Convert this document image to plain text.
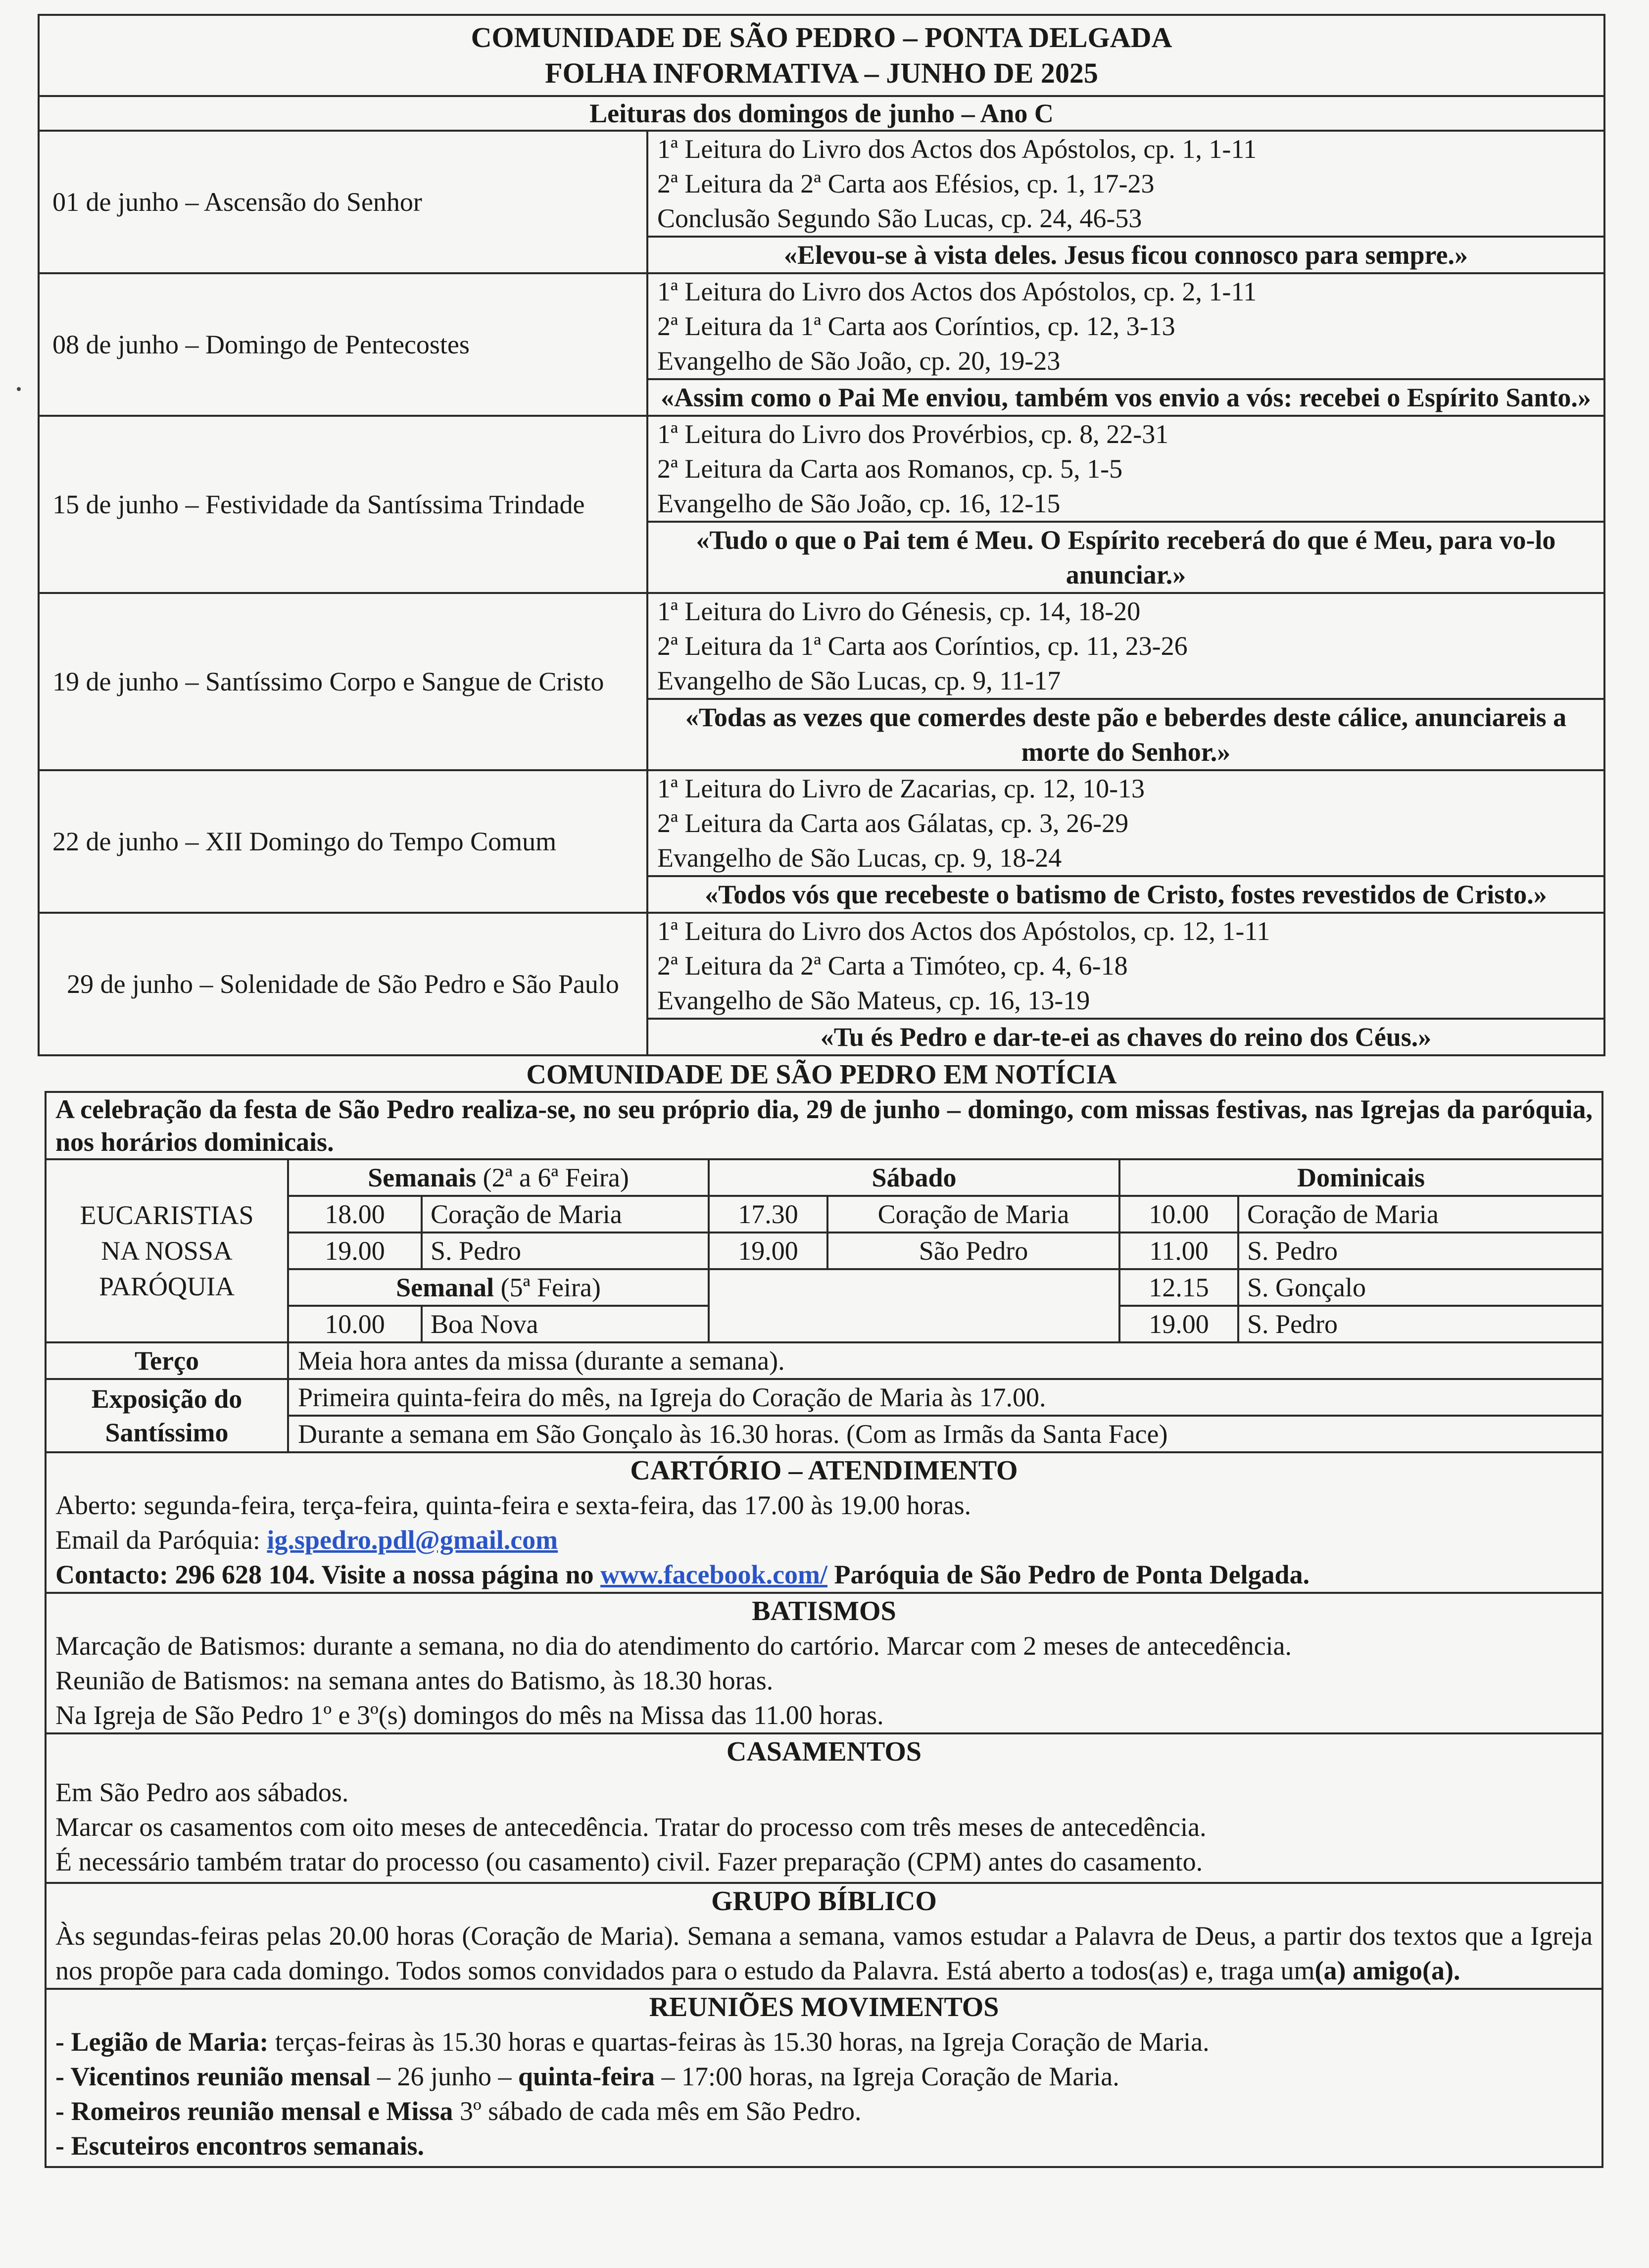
COMUNIDADE DE SÃO PEDRO – PONTA DELGADA
FOLHA INFORMATIVA – JUNHO DE 2025

Leituras dos domingos de junho – Ano C
01 de junho – Ascensão do Senhor	1ª Leitura do Livro dos Actos dos Apóstolos, cp. 1, 1-11
2ª Leitura da 2ª Carta aos Efésios, cp. 1, 17-23
Conclusão Segundo São Lucas, cp. 24, 46-53

	«Elevou-se à vista deles. Jesus ficou connosco para sempre.»
08 de junho – Domingo de Pentecostes	1ª Leitura do Livro dos Actos dos Apóstolos, cp. 2, 1-11
2ª Leitura da 1ª Carta aos Coríntios, cp. 12, 3-13
Evangelho de São João, cp. 20, 19-23

	«Assim como o Pai Me enviou, também vos envio a vós: recebei o Espírito Santo.»
15 de junho – Festividade da Santíssima Trindade	1ª Leitura do Livro dos Provérbios, cp. 8, 22-31
2ª Leitura da Carta aos Romanos, cp. 5, 1-5
Evangelho de São João, cp. 16, 12-15

	«Tudo o que o Pai tem é Meu. O Espírito receberá do que é Meu, para vo-lo anunciar.»
19 de junho – Santíssimo Corpo e Sangue de Cristo	1ª Leitura do Livro do Génesis, cp. 14, 18-20
2ª Leitura da 1ª Carta aos Coríntios, cp. 11, 23-26
Evangelho de São Lucas, cp. 9, 11-17

	«Todas as vezes que comerdes deste pão e beberdes deste cálice, anunciareis a morte do Senhor.»
22 de junho – XII Domingo do Tempo Comum	1ª Leitura do Livro de Zacarias, cp. 12, 10-13
2ª Leitura da Carta aos Gálatas, cp. 3, 26-29
Evangelho de São Lucas, cp. 9, 18-24

	«Todos vós que recebeste o batismo de Cristo, fostes revestidos de Cristo.»
29 de junho – Solenidade de São Pedro e São Paulo	1ª Leitura do Livro dos Actos dos Apóstolos, cp. 12, 1-11
2ª Leitura da 2ª Carta a Timóteo, cp. 4, 6-18
Evangelho de São Mateus, cp. 16, 13-19

	«Tu és Pedro e dar-te-ei as chaves do reino dos Céus.»
COMUNIDADE DE SÃO PEDRO EM NOTÍCIA
A celebração da festa de São Pedro realiza-se, no seu próprio dia, 29 de junho – domingo, com missas festivas, nas Igrejas da paróquia, nos horários dominicais.						

EUCARISTIAS
NA NOSSA
PARÓQUIA	Semanais (2ª a 6ª Feira)		Sábado		Dominicais	
	18.00	Coração de Maria	17.30	Coração de Maria	10.00	Coração de Maria
	19.00	S. Pedro	19.00	São Pedro	11.00	S. Pedro
	Semanal (5ª Feira)				12.15	S. Gonçalo
	10.00	Boa Nova			19.00	S. Pedro
Terço	Meia hora antes da missa (durante a semana).					

Exposição do
Santíssimo	Primeira quinta-feira do mês, na Igreja do Coração de Maria às 17.00.					
	Durante a semana em São Gonçalo às 16.30 horas. (Com as Irmãs da Santa Face)					

CARTÓRIO – ATENDIMENTO
Aberto: segunda-feira, terça-feira, quinta-feira e sexta-feira, das 17.00 às 19.00 horas.
Email da Paróquia: ig.spedro.pdl@gmail.com
Contacto: 296 628 104. Visite a nossa página no www.facebook.com/ Paróquia de São Pedro de Ponta Delgada.						

BATISMOS
Marcação de Batismos: durante a semana, no dia do atendimento do cartório. Marcar com 2 meses de antecedência.
Reunião de Batismos: na semana antes do Batismo, às 18.30 horas.
Na Igreja de São Pedro 1º e 3º(s) domingos do mês na Missa das 11.00 horas.						

CASAMENTOS
Em São Pedro aos sábados.
Marcar os casamentos com oito meses de antecedência. Tratar do processo com três meses de antecedência.
É necessário também tratar do processo (ou casamento) civil. Fazer preparação (CPM) antes do casamento.						

GRUPO BÍBLICO
Às segundas-feiras pelas 20.00 horas (Coração de Maria). Semana a semana, vamos estudar a Palavra de Deus, a partir dos textos que a Igreja nos propõe para cada domingo. Todos somos convidados para o estudo da Palavra. Está aberto a todos(as) e, traga um(a) amigo(a).						

REUNIÕES MOVIMENTOS
- Legião de Maria: terças-feiras às 15.30 horas e quartas-feiras às 15.30 horas, na Igreja Coração de Maria.
- Vicentinos reunião mensal – 26 junho – quinta-feira – 17:00 horas, na Igreja Coração de Maria.
- Romeiros reunião mensal e Missa 3º sábado de cada mês em São Pedro.
- Escuteiros encontros semanais.						
